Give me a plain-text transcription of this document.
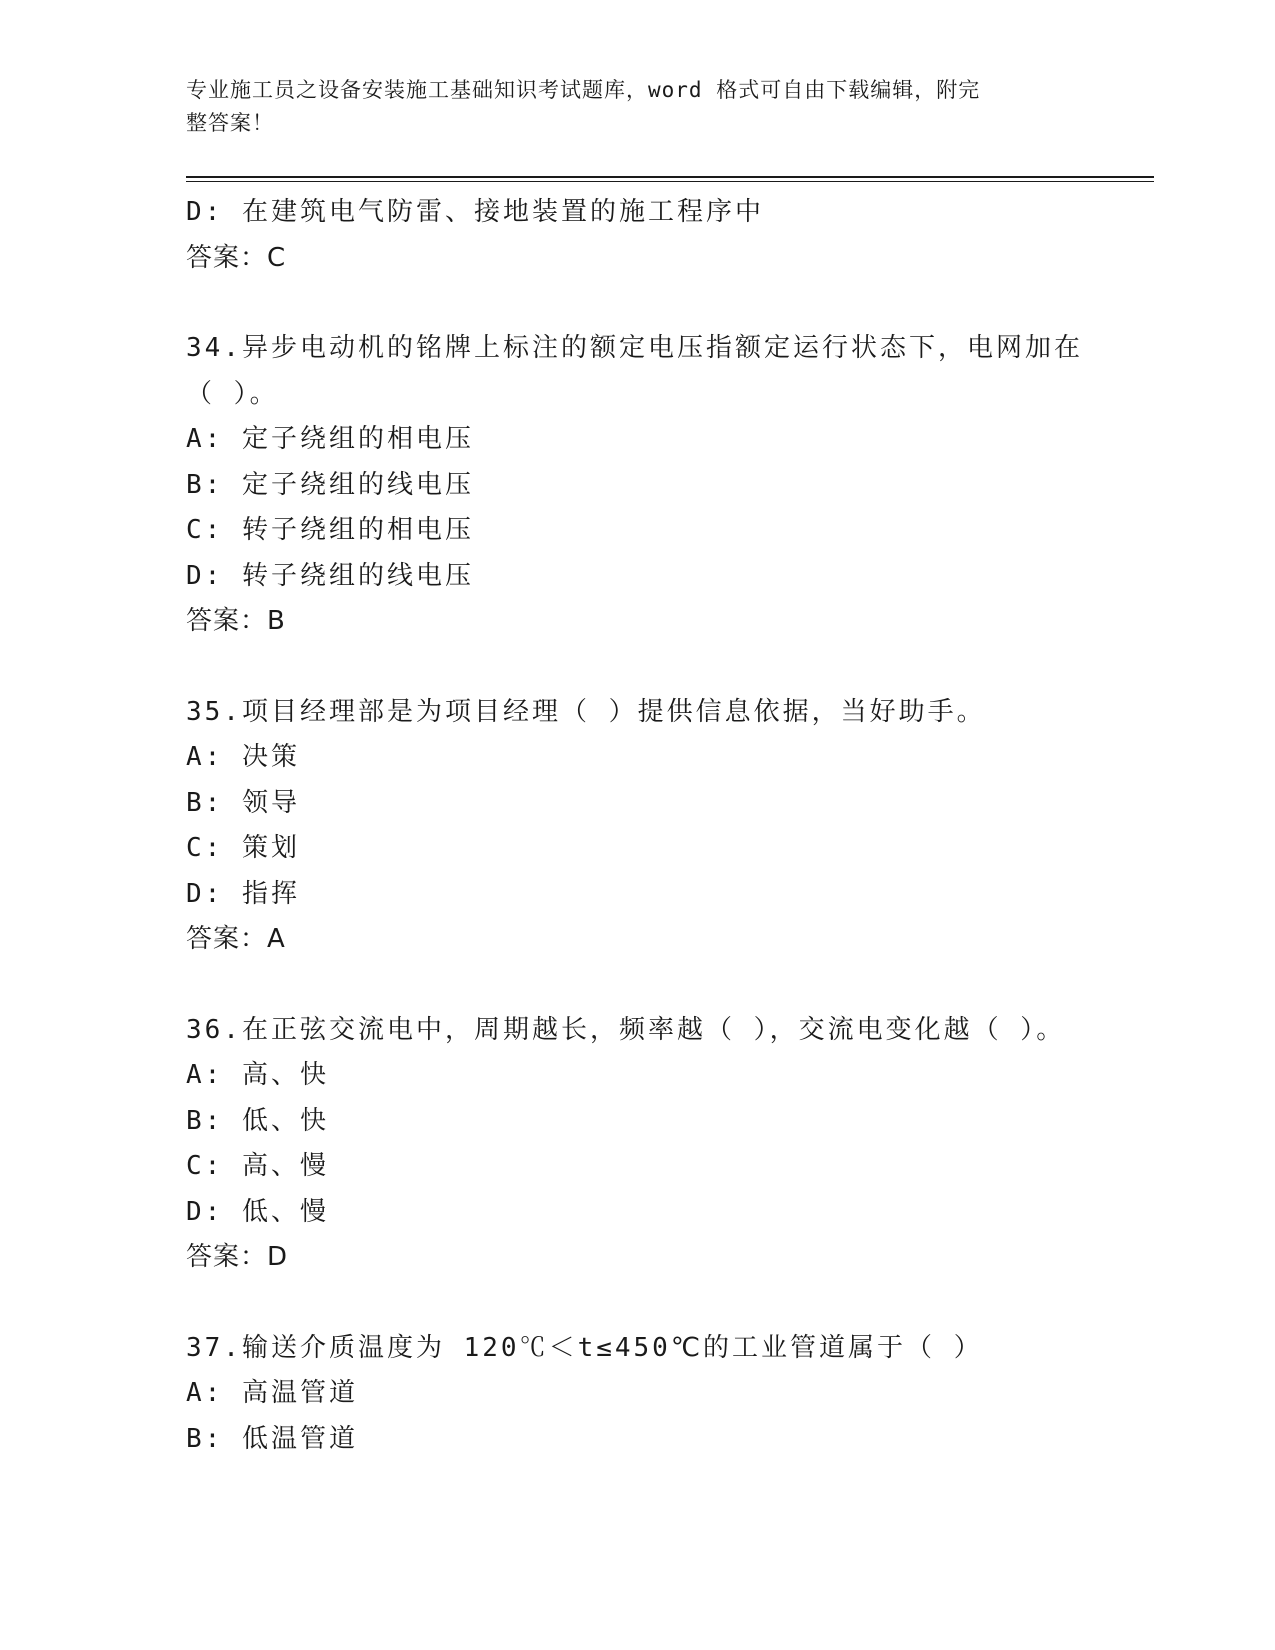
专业施工员之设备安装施工基础知识考试题库，word 格式可自由下载编辑，附完
整答案！
D: 在建筑电气防雷、接地装置的施工程序中
答案：C
34.异步电动机的铭牌上标注的额定电压指额定运行状态下，电网加在
（ ）。
A: 定子绕组的相电压
B: 定子绕组的线电压
C: 转子绕组的相电压
D: 转子绕组的线电压
答案：B
35.项目经理部是为项目经理（ ）提供信息依据，当好助手。
A: 决策
B: 领导
C: 策划
D: 指挥
答案：A
36.在正弦交流电中，周期越长，频率越（ ），交流电变化越（ ）。
A: 高、快
B: 低、快
C: 高、慢
D: 低、慢
答案：D
37.输送介质温度为 120℃＜t≤450℃的工业管道属于（ ）
A: 高温管道
B: 低温管道
